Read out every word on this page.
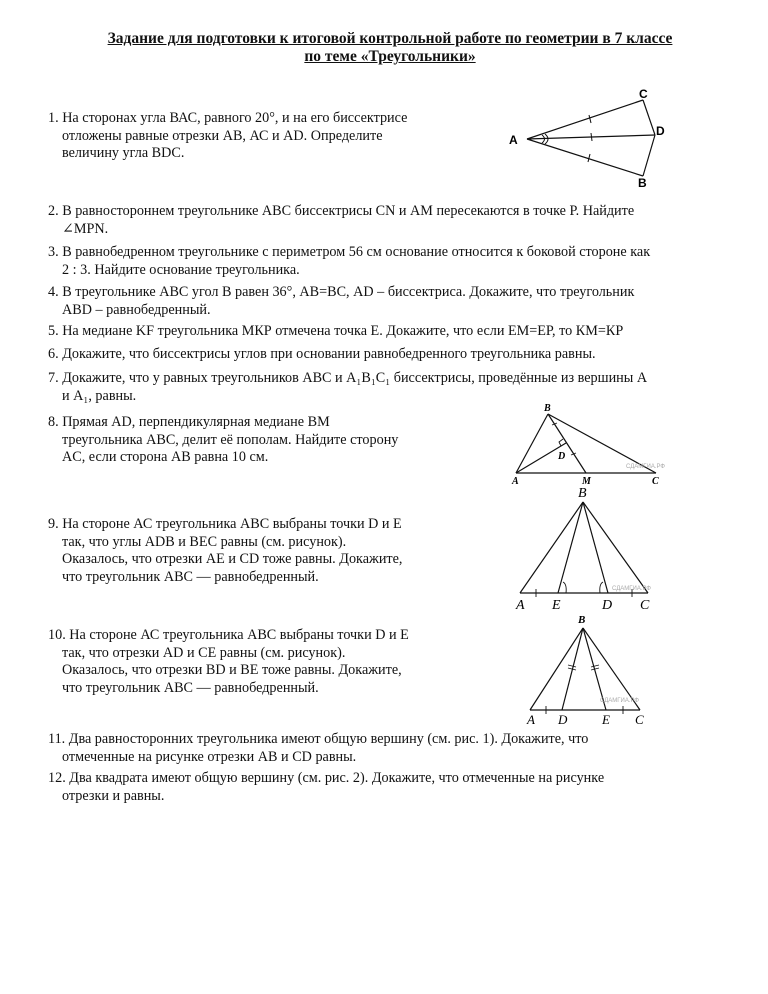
Задание для подготовки к итоговой контрольной работе по геометрии в 7 классе
по теме «Треугольники»
1. На сторонах угла ВАС, равного 20°, и на его биссектрисе
отложены равные отрезки АВ, АС и AD. Определите
величину угла BDC.
A
B
C
D
2. В равностороннем треугольнике АВС биссектрисы CN и АМ пересекаются в точке Р. Найдите
∠MPN.
3. В равнобедренном треугольнике с периметром 56 см основание относится к боковой стороне как
2 : 3. Найдите основание треугольника.
4. В треугольнике АВС угол В равен 36°, АВ=ВС, AD – биссектриса. Докажите, что треугольник
ABD – равнобедренный.
5. На медиане KF треугольника МКР отмечена точка Е. Докажите, что если ЕМ=ЕР, то КМ=КР
6. Докажите, что биссектрисы углов при основании равнобедренного треугольника равны.
7. Докажите, что у равных треугольников АВС и A₁B₁C₁ биссектрисы, проведённые из вершины А
и А₁, равны.
8. Прямая AD, перпендикулярная медиане ВМ
треугольника ABC, делит её пополам. Найдите сторону
AC, если сторона AB равна 10 см.
B
D
A	M	C
СДАМГИА.РФ
9. На стороне АС треугольника АВС выбраны точки D и E
так, что углы ADB и BEC равны (см. рисунок).
Оказалось, что отрезки AE и CD тоже равны. Докажите,
что треугольник АВС — равнобедренный.
B
A E	D C
СДАМГИА.РФ
10. На стороне АС треугольника АВС выбраны точки D и E
так, что отрезки AD и CE равны (см. рисунок).
Оказалось, что отрезки BD и BE тоже равны. Докажите,
что треугольник АВС — равнобедренный.
B
A D	E C
СДАМГИА.РФ
11. Два равносторонних треугольника имеют общую вершину (см. рис. 1). Докажите, что
отмеченные на рисунке отрезки AB и CD равны.
12. Два квадрата имеют общую вершину (см. рис. 2). Докажите, что отмеченные на рисунке
отрезки и равны.
